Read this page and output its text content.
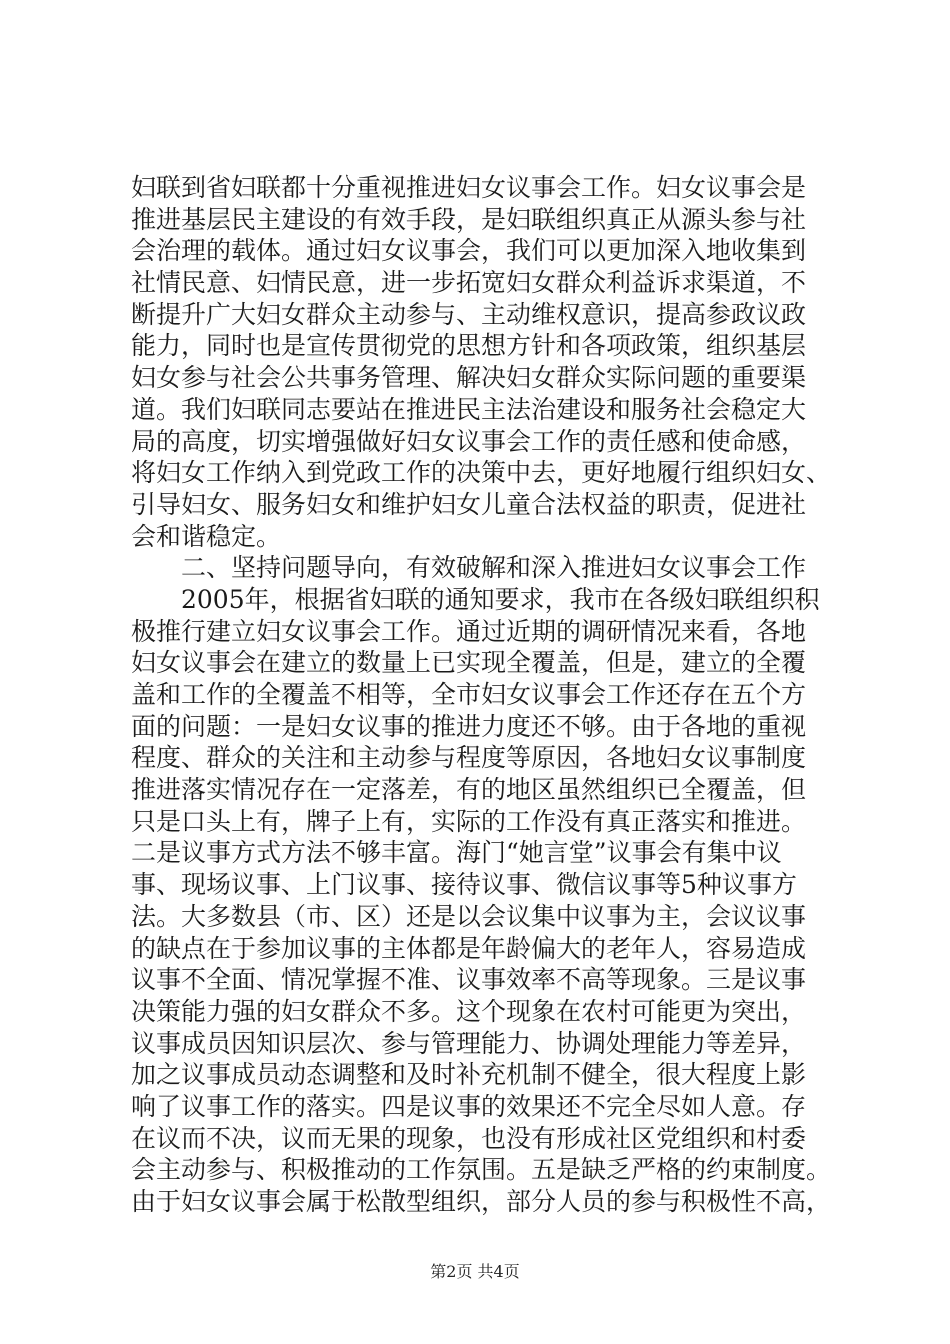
妇联到省妇联都十分重视推进妇女议事会工作。妇女议事会是
推进基层民主建设的有效手段，是妇联组织真正从源头参与社
会治理的载体。通过妇女议事会，我们可以更加深入地收集到
社情民意、妇情民意，进一步拓宽妇女群众利益诉求渠道，不
断提升广大妇女群众主动参与、主动维权意识，提高参政议政
能力，同时也是宣传贯彻党的思想方针和各项政策，组织基层
妇女参与社会公共事务管理、解决妇女群众实际问题的重要渠
道。我们妇联同志要站在推进民主法治建设和服务社会稳定大
局的高度，切实增强做好妇女议事会工作的责任感和使命感，
将妇女工作纳入到党政工作的决策中去，更好地履行组织妇女、
引导妇女、服务妇女和维护妇女儿童合法权益的职责，促进社
会和谐稳定。
　　二、坚持问题导向，有效破解和深入推进妇女议事会工作
　　2005年，根据省妇联的通知要求，我市在各级妇联组织积
极推行建立妇女议事会工作。通过近期的调研情况来看，各地
妇女议事会在建立的数量上已实现全覆盖，但是，建立的全覆
盖和工作的全覆盖不相等，全市妇女议事会工作还存在五个方
面的问题：一是妇女议事的推进力度还不够。由于各地的重视
程度、群众的关注和主动参与程度等原因，各地妇女议事制度
推进落实情况存在一定落差，有的地区虽然组织已全覆盖，但
只是口头上有，牌子上有，实际的工作没有真正落实和推进。
二是议事方式方法不够丰富。海门“她言堂”议事会有集中议
事、现场议事、上门议事、接待议事、微信议事等5种议事方
法。大多数县（市、区）还是以会议集中议事为主，会议议事
的缺点在于参加议事的主体都是年龄偏大的老年人，容易造成
议事不全面、情况掌握不准、议事效率不高等现象。三是议事
决策能力强的妇女群众不多。这个现象在农村可能更为突出，
议事成员因知识层次、参与管理能力、协调处理能力等差异，
加之议事成员动态调整和及时补充机制不健全，很大程度上影
响了议事工作的落实。四是议事的效果还不完全尽如人意。存
在议而不决，议而无果的现象，也没有形成社区党组织和村委
会主动参与、积极推动的工作氛围。五是缺乏严格的约束制度。
由于妇女议事会属于松散型组织，部分人员的参与积极性不高，
第2页 共4页
